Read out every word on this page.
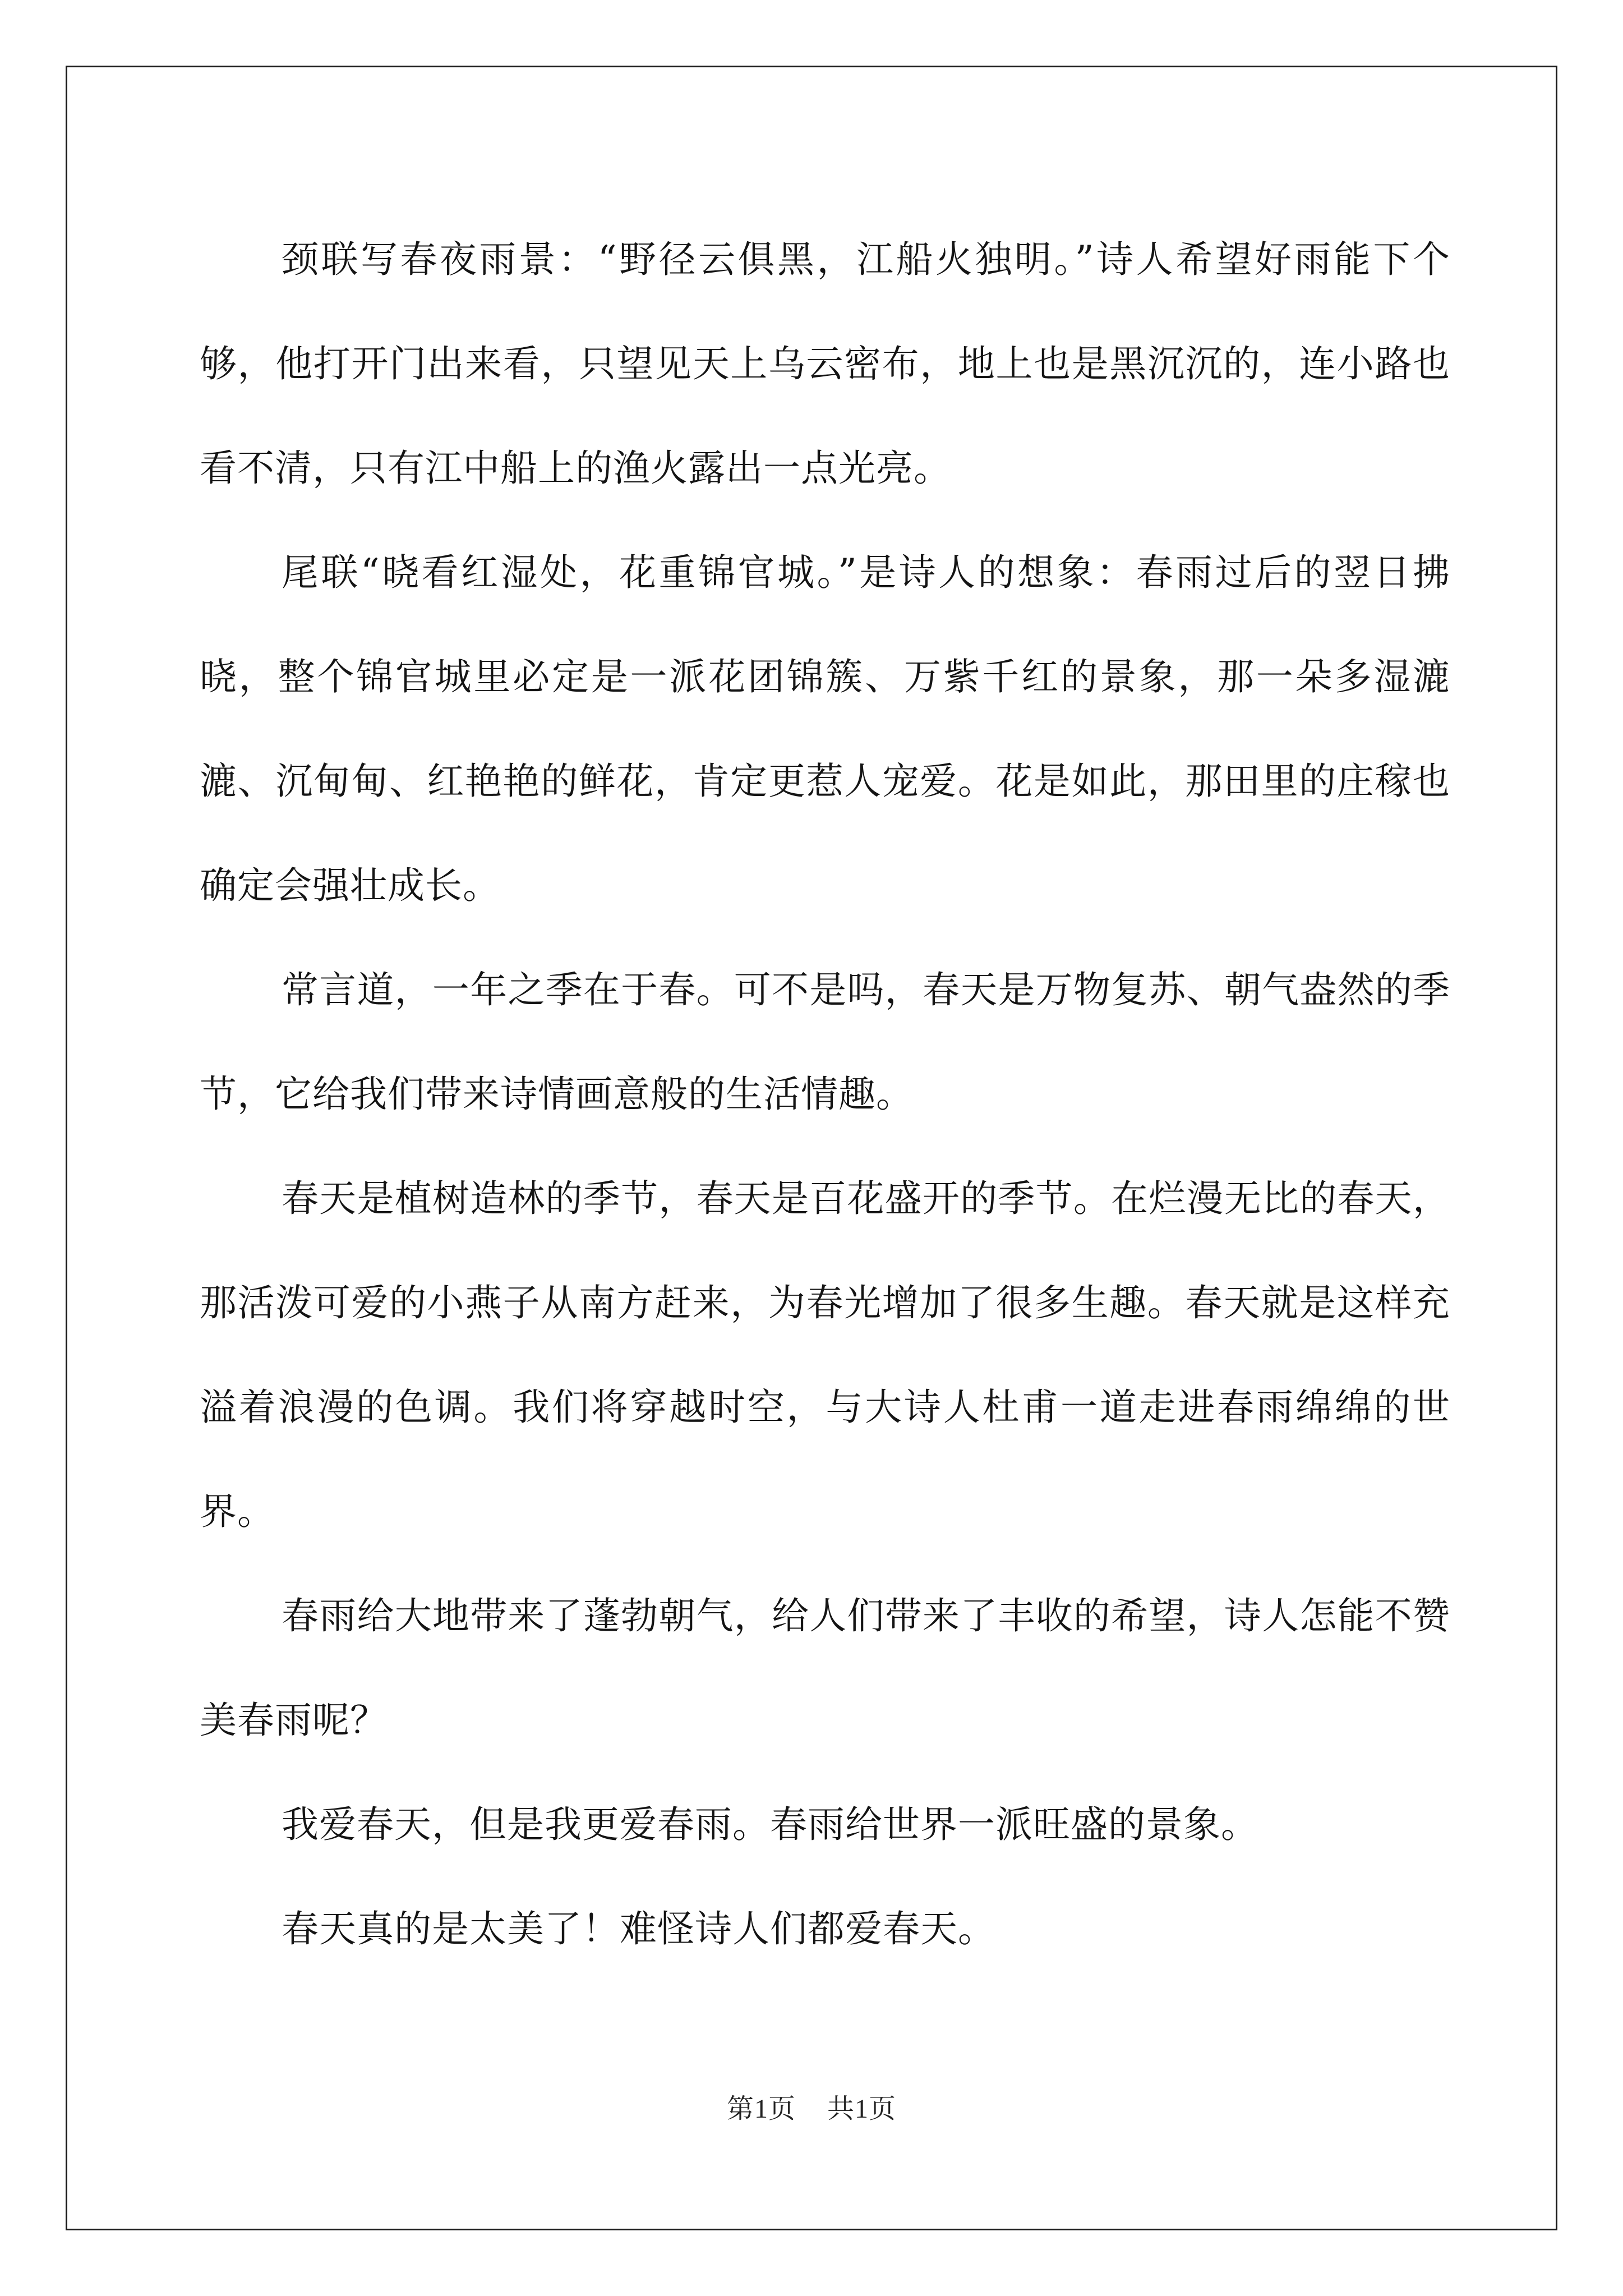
颈联写春夜雨景：“野径云俱黑，江船火独明。”诗人希望好雨能下个够，他打开门出来看，只望见天上乌云密布，地上也是黑沉沉的，连小路也看不清，只有江中船上的渔火露出一点光亮。

尾联“晓看红湿处，花重锦官城。”是诗人的想象：春雨过后的翌日拂晓，整个锦官城里必定是一派花团锦簇、万紫千红的景象，那一朵多湿漉漉、沉甸甸、红艳艳的鲜花，肯定更惹人宠爱。花是如此，那田里的庄稼也确定会强壮成长。

常言道，一年之季在于春。可不是吗，春天是万物复苏、朝气盎然的季节，它给我们带来诗情画意般的生活情趣。

春天是植树造林的季节，春天是百花盛开的季节。在烂漫无比的春天，那活泼可爱的小燕子从南方赶来，为春光增加了很多生趣。春天就是这样充溢着浪漫的色调。我们将穿越时空，与大诗人杜甫一道走进春雨绵绵的世界。

春雨给大地带来了蓬勃朝气，给人们带来了丰收的希望，诗人怎能不赞美春雨呢？

我爱春天，但是我更爱春雨。春雨给世界一派旺盛的景象。

春天真的是太美了！难怪诗人们都爱春天。

第1页 共1页
